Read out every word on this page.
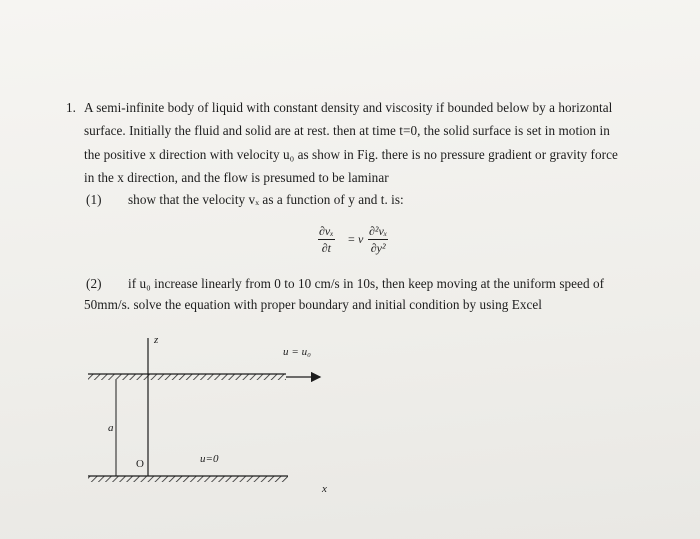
1. A semi-infinite body of liquid with constant density and viscosity if bounded below by a horizontal
surface. Initially the fluid and solid are at rest. then at time t=0, the solid surface is set in motion in
the positive x direction with velocity u₀ as show in Fig. there is no pressure gradient or gravity force
in the x direction, and the flow is presumed to be laminar
(1) show that the velocity vₓ as a function of y and t. is:
$\frac{\text{∂vₓ}}{\partial t} = \nu \frac{\text{∂²vₓ}}{\text{∂y²}}$
(2) if u₀ increase linearly from 0 to 10 cm/s in 10s, then keep moving at the uniform speed of
50mm/s. solve the equation with proper boundary and initial condition by using Excel
z
u = u₀
a
O	u=0
x
